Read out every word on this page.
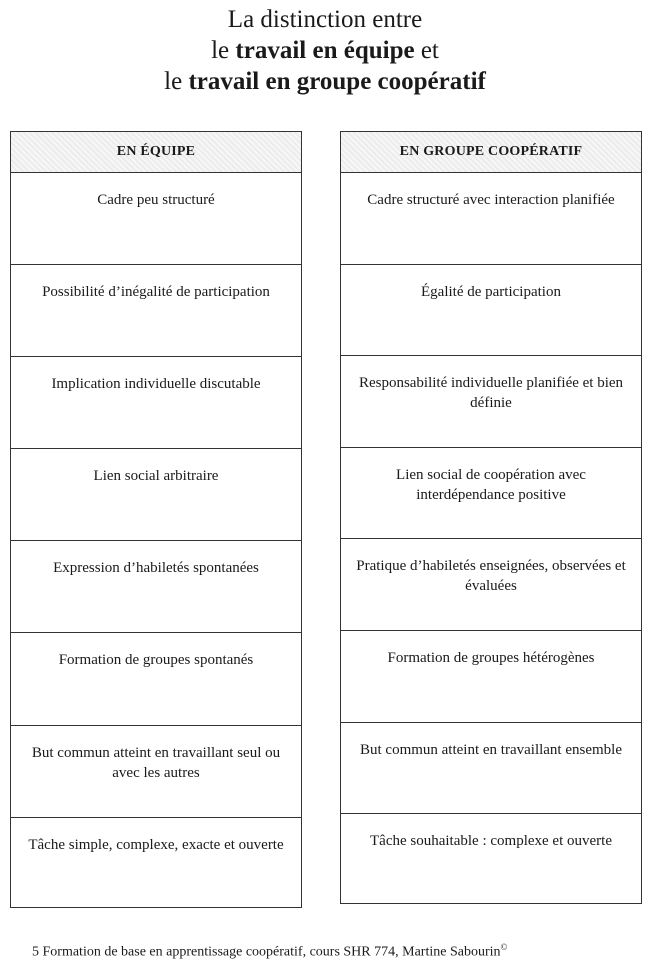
La distinction entre
le travail en équipe et
le travail en groupe coopératif
EN ÉQUIPE
Cadre peu structuré
Possibilité d’inégalité de participation
Implication individuelle discutable
Lien social arbitraire
Expression d’habiletés spontanées
Formation de groupes spontanés
But commun atteint en travaillant seul ou avec les autres
Tâche simple, complexe, exacte et ouverte
EN GROUPE COOPÉRATIF
Cadre structuré avec interaction planifiée
Égalité de participation
Responsabilité individuelle planifiée et bien définie
Lien social de coopération avec interdépendance positive
Pratique d’habiletés enseignées, observées et évaluées
Formation de groupes hétérogènes
But commun atteint en travaillant ensemble
Tâche souhaitable : complexe et ouverte
5 Formation de base en apprentissage coopératif, cours SHR 774, Martine Sabourin©
